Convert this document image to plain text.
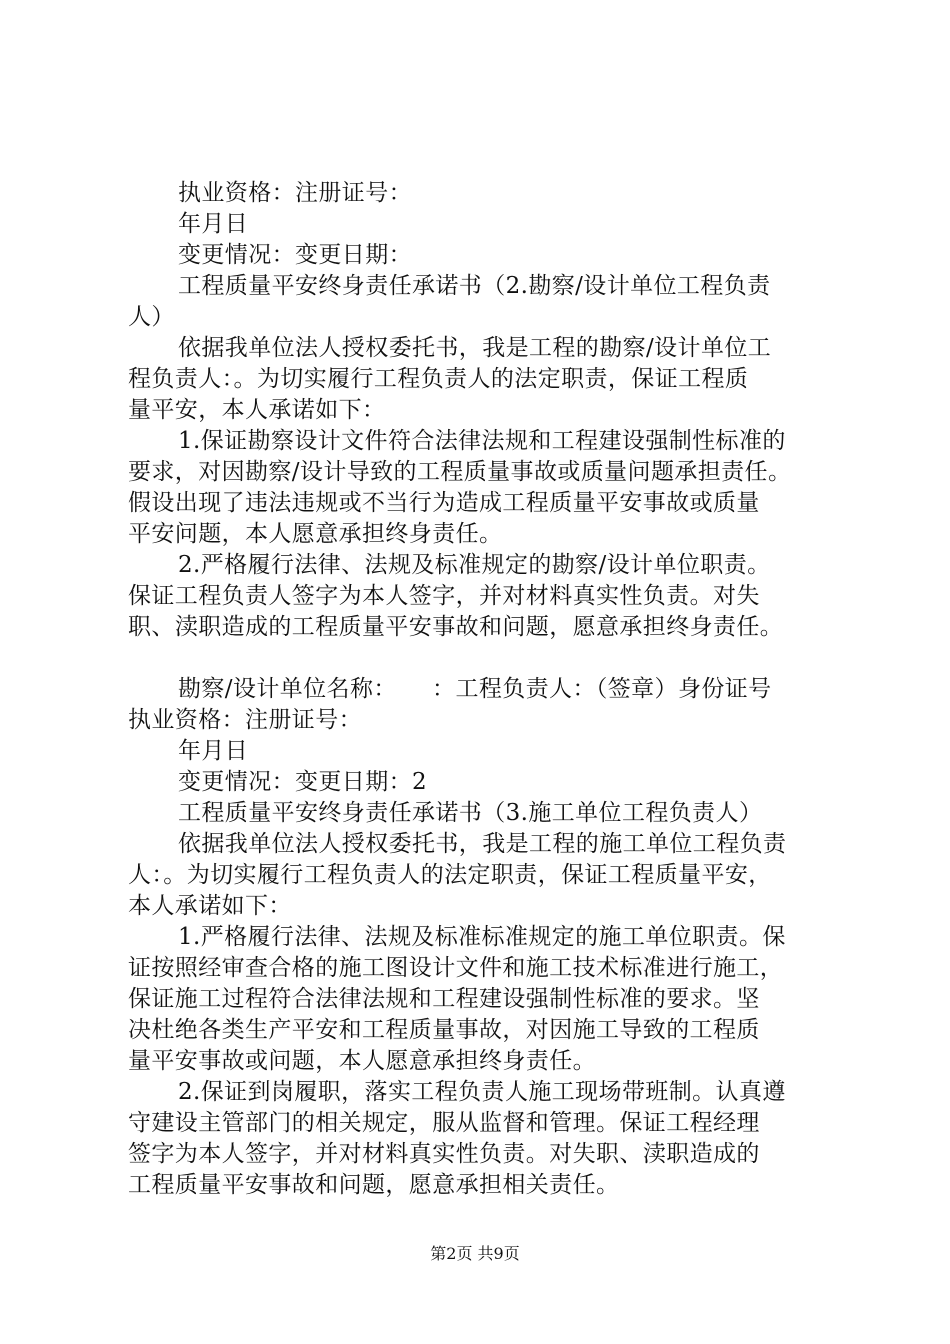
执业资格：注册证号：
年月日
变更情况：变更日期：
工程质量平安终身责任承诺书（2.勘察/设计单位工程负责
人）
依据我单位法人授权委托书，我是工程的勘察/设计单位工
程负责人：。为切实履行工程负责人的法定职责，保证工程质
量平安，本人承诺如下：
1.保证勘察设计文件符合法律法规和工程建设强制性标准的
要求，对因勘察/设计导致的工程质量事故或质量问题承担责任。
假设出现了违法违规或不当行为造成工程质量平安事故或质量
平安问题，本人愿意承担终身责任。
2.严格履行法律、法规及标准规定的勘察/设计单位职责。
保证工程负责人签字为本人签字，并对材料真实性负责。对失
职、渎职造成的工程质量平安事故和问题，愿意承担终身责任。
勘察/设计单位名称：　　：工程负责人：（签章）身份证号
执业资格：注册证号：
年月日
变更情况：变更日期：2
工程质量平安终身责任承诺书（3.施工单位工程负责人）
依据我单位法人授权委托书，我是工程的施工单位工程负责
人：。为切实履行工程负责人的法定职责，保证工程质量平安，
本人承诺如下：
1.严格履行法律、法规及标准标准规定的施工单位职责。保
证按照经审查合格的施工图设计文件和施工技术标准进行施工，
保证施工过程符合法律法规和工程建设强制性标准的要求。坚
决杜绝各类生产平安和工程质量事故，对因施工导致的工程质
量平安事故或问题，本人愿意承担终身责任。
2.保证到岗履职，落实工程负责人施工现场带班制。认真遵
守建设主管部门的相关规定，服从监督和管理。保证工程经理
签字为本人签字，并对材料真实性负责。对失职、渎职造成的
工程质量平安事故和问题，愿意承担相关责任。
第2页 共9页
